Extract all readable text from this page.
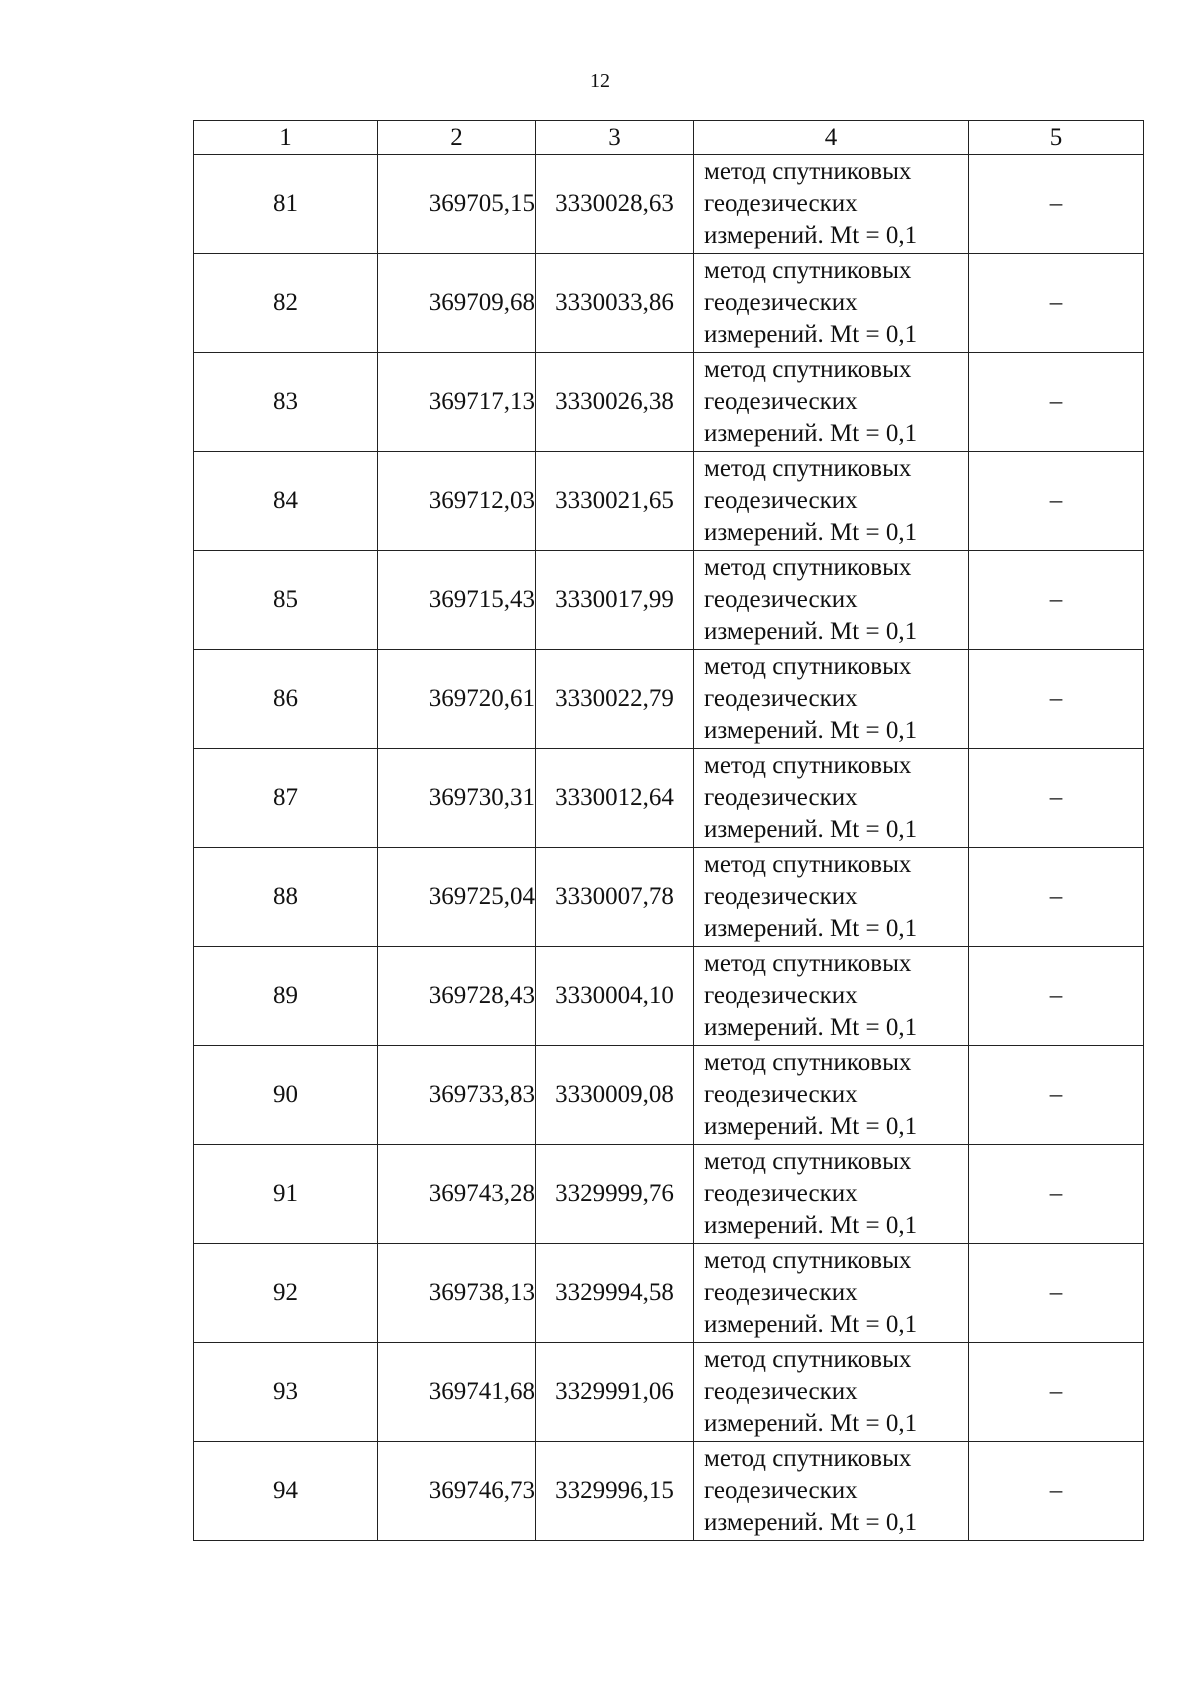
12
1	2	3	4	5
81	369705,15	3330028,63	метод спутниковых
геодезических
измерений. Mt = 0,1	–
82	369709,68	3330033,86	метод спутниковых
геодезических
измерений. Mt = 0,1	–
83	369717,13	3330026,38	метод спутниковых
геодезических
измерений. Mt = 0,1	–
84	369712,03	3330021,65	метод спутниковых
геодезических
измерений. Mt = 0,1	–
85	369715,43	3330017,99	метод спутниковых
геодезических
измерений. Mt = 0,1	–
86	369720,61	3330022,79	метод спутниковых
геодезических
измерений. Mt = 0,1	–
87	369730,31	3330012,64	метод спутниковых
геодезических
измерений. Mt = 0,1	–
88	369725,04	3330007,78	метод спутниковых
геодезических
измерений. Mt = 0,1	–
89	369728,43	3330004,10	метод спутниковых
геодезических
измерений. Mt = 0,1	–
90	369733,83	3330009,08	метод спутниковых
геодезических
измерений. Mt = 0,1	–
91	369743,28	3329999,76	метод спутниковых
геодезических
измерений. Mt = 0,1	–
92	369738,13	3329994,58	метод спутниковых
геодезических
измерений. Mt = 0,1	–
93	369741,68	3329991,06	метод спутниковых
геодезических
измерений. Mt = 0,1	–
94	369746,73	3329996,15	метод спутниковых
геодезических
измерений. Mt = 0,1	–
